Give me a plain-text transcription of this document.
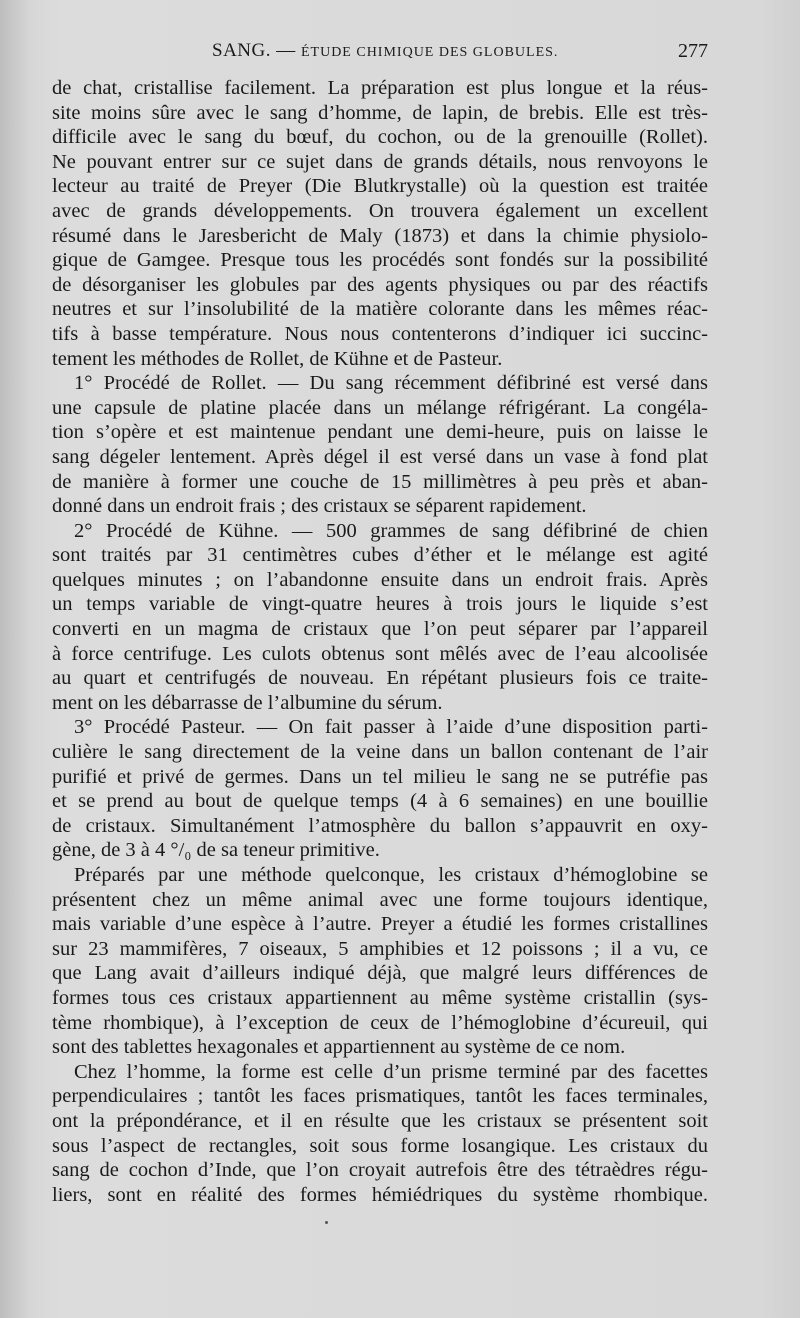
SANG. — ÉTUDE CHIMIQUE DES GLOBULES.	277
de chat, cristallise facilement. La préparation est plus longue et la réus-
site moins sûre avec le sang d’homme, de lapin, de brebis. Elle est très-
difficile avec le sang du bœuf, du cochon, ou de la grenouille (Rollet).
Ne pouvant entrer sur ce sujet dans de grands détails, nous renvoyons le
lecteur au traité de Preyer (Die Blutkrystalle) où la question est traitée
avec de grands développements. On trouvera également un excellent
résumé dans le Jaresbericht de Maly (1873) et dans la chimie physiolo-
gique de Gamgee. Presque tous les procédés sont fondés sur la possibilité
de désorganiser les globules par des agents physiques ou par des réactifs
neutres et sur l’insolubilité de la matière colorante dans les mêmes réac-
tifs à basse température. Nous nous contenterons d’indiquer ici succinc-
tement les méthodes de Rollet, de Kühne et de Pasteur.
1° Procédé de Rollet. — Du sang récemment défibriné est versé dans
une capsule de platine placée dans un mélange réfrigérant. La congéla-
tion s’opère et est maintenue pendant une demi-heure, puis on laisse le
sang dégeler lentement. Après dégel il est versé dans un vase à fond plat
de manière à former une couche de 15 millimètres à peu près et aban-
donné dans un endroit frais ; des cristaux se séparent rapidement.
2° Procédé de Kühne. — 500 grammes de sang défibriné de chien
sont traités par 31 centimètres cubes d’éther et le mélange est agité
quelques minutes ; on l’abandonne ensuite dans un endroit frais. Après
un temps variable de vingt-quatre heures à trois jours le liquide s’est
converti en un magma de cristaux que l’on peut séparer par l’appareil
à force centrifuge. Les culots obtenus sont mêlés avec de l’eau alcoolisée
au quart et centrifugés de nouveau. En répétant plusieurs fois ce traite-
ment on les débarrasse de l’albumine du sérum.
3° Procédé Pasteur. — On fait passer à l’aide d’une disposition parti-
culière le sang directement de la veine dans un ballon contenant de l’air
purifié et privé de germes. Dans un tel milieu le sang ne se putréfie pas
et se prend au bout de quelque temps (4 à 6 semaines) en une bouillie
de cristaux. Simultanément l’atmosphère du ballon s’appauvrit en oxy-
gène, de 3 à 4 °/₀ de sa teneur primitive.
Préparés par une méthode quelconque, les cristaux d’hémoglobine se
présentent chez un même animal avec une forme toujours identique,
mais variable d’une espèce à l’autre. Preyer a étudié les formes cristallines
sur 23 mammifères, 7 oiseaux, 5 amphibies et 12 poissons ; il a vu, ce
que Lang avait d’ailleurs indiqué déjà, que malgré leurs différences de
formes tous ces cristaux appartiennent au même système cristallin (sys-
tème rhombique), à l’exception de ceux de l’hémoglobine d’écureuil, qui
sont des tablettes hexagonales et appartiennent au système de ce nom.
Chez l’homme, la forme est celle d’un prisme terminé par des facettes
perpendiculaires ; tantôt les faces prismatiques, tantôt les faces terminales,
ont la prépondérance, et il en résulte que les cristaux se présentent soit
sous l’aspect de rectangles, soit sous forme losangique. Les cristaux du
sang de cochon d’Inde, que l’on croyait autrefois être des tétraèdres régu-
liers, sont en réalité des formes hémiédriques du système rhombique.
